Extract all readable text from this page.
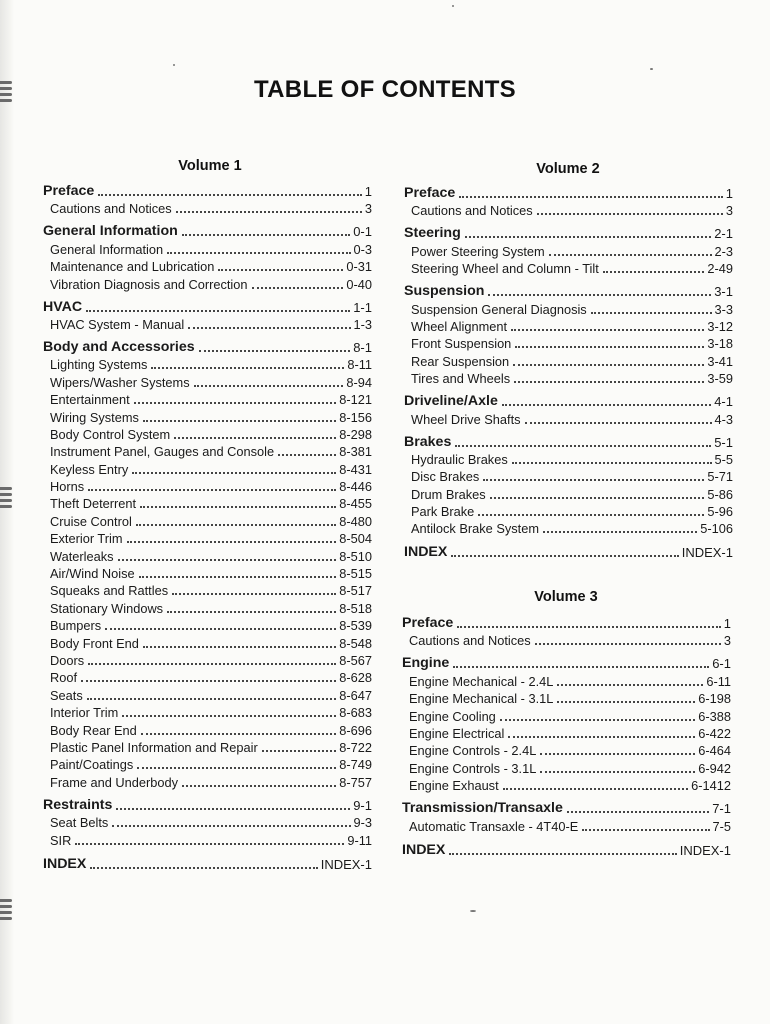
TABLE OF CONTENTS
Volume 1
Preface	1
Cautions and Notices	3
General Information	0-1
General Information	0-3
Maintenance and Lubrication	0-31
Vibration Diagnosis and Correction	0-40
HVAC	1-1
HVAC System - Manual	1-3
Body and Accessories	8-1
Lighting Systems	8-11
Wipers/Washer Systems	8-94
Entertainment	8-121
Wiring Systems	8-156
Body Control System	8-298
Instrument Panel, Gauges and Console	8-381
Keyless Entry	8-431
Horns	8-446
Theft Deterrent	8-455
Cruise Control	8-480
Exterior Trim	8-504
Waterleaks	8-510
Air/Wind Noise	8-515
Squeaks and Rattles	8-517
Stationary Windows	8-518
Bumpers	8-539
Body Front End	8-548
Doors	8-567
Roof	8-628
Seats	8-647
Interior Trim	8-683
Body Rear End	8-696
Plastic Panel Information and Repair	8-722
Paint/Coatings	8-749
Frame and Underbody	8-757
Restraints	9-1
Seat Belts	9-3
SIR	9-11
INDEX	INDEX-1
Volume 2
Preface	1
Cautions and Notices	3
Steering	2-1
Power Steering System	2-3
Steering Wheel and Column - Tilt	2-49
Suspension	3-1
Suspension General Diagnosis	3-3
Wheel Alignment	3-12
Front Suspension	3-18
Rear Suspension	3-41
Tires and Wheels	3-59
Driveline/Axle	4-1
Wheel Drive Shafts	4-3
Brakes	5-1
Hydraulic Brakes	5-5
Disc Brakes	5-71
Drum Brakes	5-86
Park Brake	5-96
Antilock Brake System	5-106
INDEX	INDEX-1
Volume 3
Preface	1
Cautions and Notices	3
Engine	6-1
Engine Mechanical - 2.4L	6-11
Engine Mechanical - 3.1L	6-198
Engine Cooling	6-388
Engine Electrical	6-422
Engine Controls - 2.4L	6-464
Engine Controls - 3.1L	6-942
Engine Exhaust	6-1412
Transmission/Transaxle	7-1
Automatic Transaxle - 4T40-E	7-5
INDEX	INDEX-1
